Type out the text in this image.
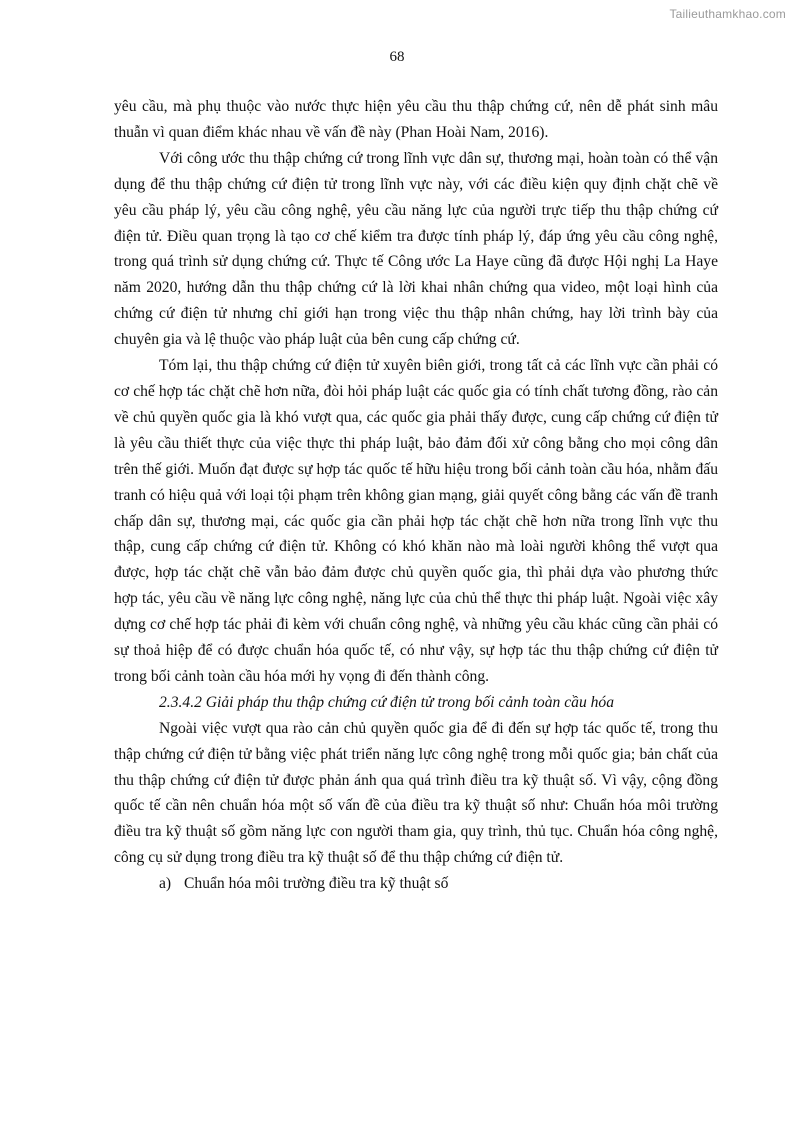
Tailieuthamkhao.com
68

yêu cầu, mà phụ thuộc vào nước thực hiện yêu cầu thu thập chứng cứ, nên dễ phát sinh mâu thuẫn vì quan điểm khác nhau về vấn đề này (Phan Hoài Nam, 2016).

Với công ước thu thập chứng cứ trong lĩnh vực dân sự, thương mại, hoàn toàn có thể vận dụng để thu thập chứng cứ điện tử trong lĩnh vực này, với các điều kiện quy định chặt chẽ về yêu cầu pháp lý, yêu cầu công nghệ, yêu cầu năng lực của người trực tiếp thu thập chứng cứ điện tử. Điều quan trọng là tạo cơ chế kiểm tra được tính pháp lý, đáp ứng yêu cầu công nghệ, trong quá trình sử dụng chứng cứ. Thực tế Công ước La Haye cũng đã được Hội nghị La Haye năm 2020, hướng dẫn thu thập chứng cứ là lời khai nhân chứng qua video, một loại hình của chứng cứ điện tử nhưng chỉ giới hạn trong việc thu thập nhân chứng, hay lời trình bày của chuyên gia và lệ thuộc vào pháp luật của bên cung cấp chứng cứ.

Tóm lại, thu thập chứng cứ điện tử xuyên biên giới, trong tất cả các lĩnh vực cần phải có cơ chế hợp tác chặt chẽ hơn nữa, đòi hỏi pháp luật các quốc gia có tính chất tương đồng, rào cản về chủ quyền quốc gia là khó vượt qua, các quốc gia phải thấy được, cung cấp chứng cứ điện tử là yêu cầu thiết thực của việc thực thi pháp luật, bảo đảm đối xử công bằng cho mọi công dân trên thế giới. Muốn đạt được sự hợp tác quốc tế hữu hiệu trong bối cảnh toàn cầu hóa, nhằm đấu tranh có hiệu quả với loại tội phạm trên không gian mạng, giải quyết công bằng các vấn đề tranh chấp dân sự, thương mại, các quốc gia cần phải hợp tác chặt chẽ hơn nữa trong lĩnh vực thu thập, cung cấp chứng cứ điện tử. Không có khó khăn nào mà loài người không thể vượt qua được, hợp tác chặt chẽ vẫn bảo đảm được chủ quyền quốc gia, thì phải dựa vào phương thức hợp tác, yêu cầu về năng lực công nghệ, năng lực của chủ thể thực thi pháp luật. Ngoài việc xây dựng cơ chế hợp tác phải đi kèm với chuẩn công nghệ, và những yêu cầu khác cũng cần phải có sự thoả hiệp để có được chuẩn hóa quốc tế, có như vậy, sự hợp tác thu thập chứng cứ điện tử trong bối cảnh toàn cầu hóa mới hy vọng đi đến thành công.

2.3.4.2 Giải pháp thu thập chứng cứ điện tử trong bối cảnh toàn cầu hóa

Ngoài việc vượt qua rào cản chủ quyền quốc gia để đi đến sự hợp tác quốc tế, trong thu thập chứng cứ điện tử bằng việc phát triển năng lực công nghệ trong mỗi quốc gia; bản chất của thu thập chứng cứ điện tử được phản ánh qua quá trình điều tra kỹ thuật số. Vì vậy, cộng đồng quốc tế cần nên chuẩn hóa một số vấn đề của điều tra kỹ thuật số như: Chuẩn hóa môi trường điều tra kỹ thuật số gồm năng lực con người tham gia, quy trình, thủ tục. Chuẩn hóa công nghệ, công cụ sử dụng trong điều tra kỹ thuật số để thu thập chứng cứ điện tử.

a) Chuẩn hóa môi trường điều tra kỹ thuật số
